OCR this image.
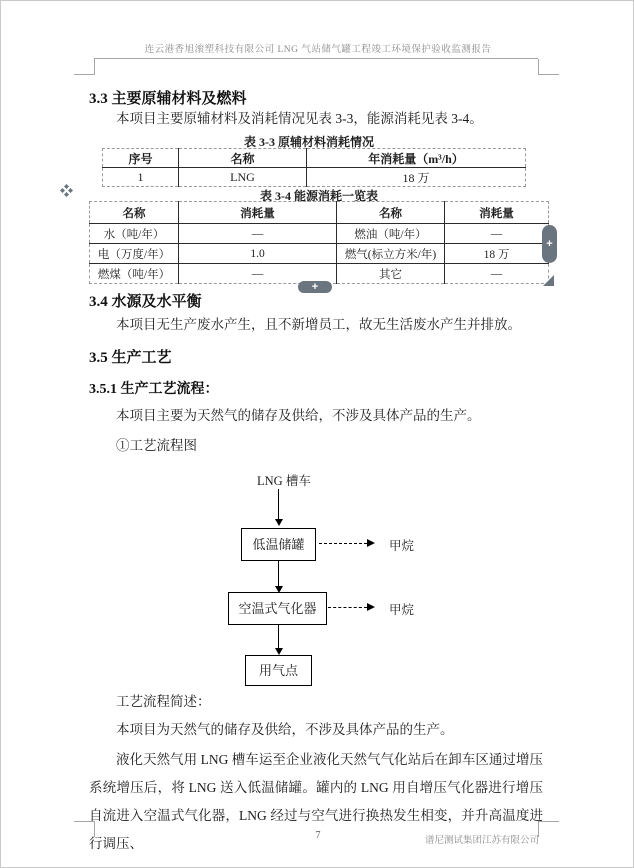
连云港香旭滚塑科技有限公司 LNG 气站储气罐工程竣工环境保护验收监测报告
3.3 主要原辅材料及燃料
本项目主要原辅材料及消耗情况见表 3-3，能源消耗见表 3-4。
表 3-3 原辅材料消耗情况
序号	名称	年消耗量（m³/h）
1	LNG	18 万
表 3-4 能源消耗一览表
名称	消耗量	名称	消耗量
水（吨/年）	—	燃油（吨/年）	—
电（万度/年）	1.0	燃气(标立方米/年)	18 万
燃煤（吨/年）	—	其它	—
+
+
3.4 水源及水平衡
本项目无生产废水产生，且不新增员工，故无生活废水产生并排放。
3.5 生产工艺
3.5.1 生产工艺流程：
本项目主要为天然气的储存及供给，不涉及具体产品的生产。
①工艺流程图
LNG 槽车
低温储罐	甲烷
空温式气化器	甲烷
用气点
工艺流程简述：
本项目为天然气的储存及供给，不涉及具体产品的生产。
液化天然气用 LNG 槽车运至企业液化天然气气化站后在卸车区通过增压系统增压后，将 LNG 送入低温储罐。罐内的 LNG 用自增压气化器进行增压自流进入空温式气化器，LNG 经过与空气进行换热发生相变，并升高温度进行调压、
7	谱尼测试集团江苏有限公司
